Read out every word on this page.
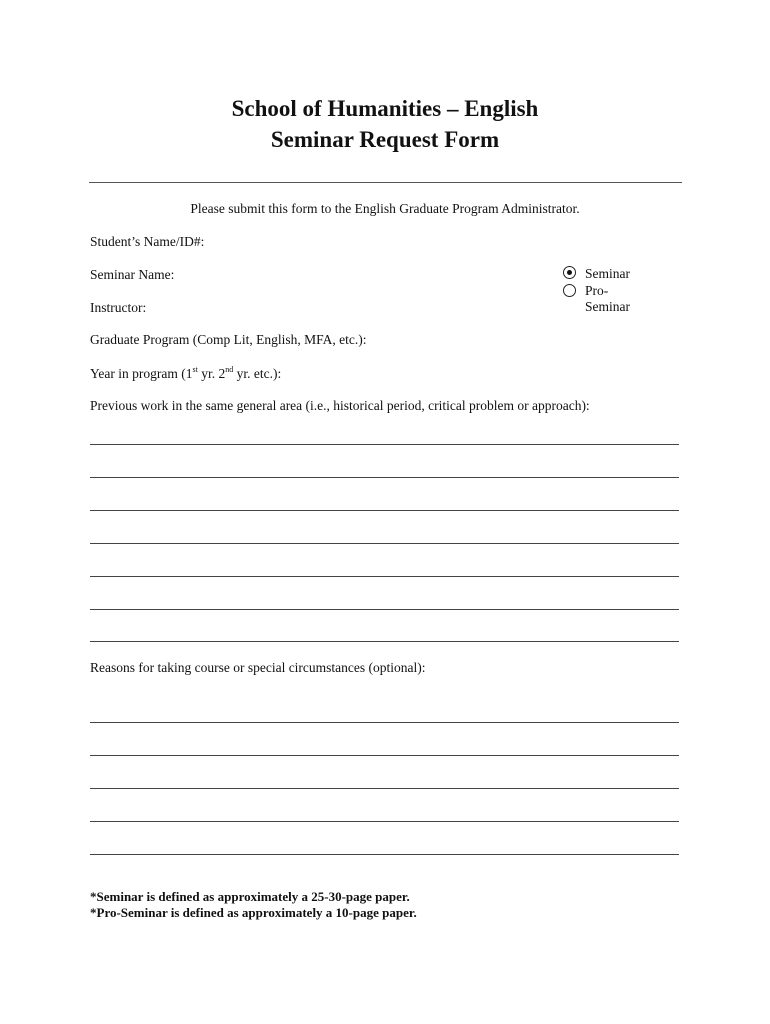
School of Humanities – English
Seminar Request Form
Please submit this form to the English Graduate Program Administrator.
Student’s Name/ID#:
Seminar Name:
Instructor:
Graduate Program (Comp Lit, English, MFA, etc.):
Year in program (1st yr. 2nd yr. etc.):
Seminar
Pro-Seminar
Previous work in the same general area (i.e., historical period, critical problem or approach):
Reasons for taking course or special circumstances (optional):
*Seminar is defined as approximately a 25-30-page paper.
*Pro-Seminar is defined as approximately a 10-page paper.
